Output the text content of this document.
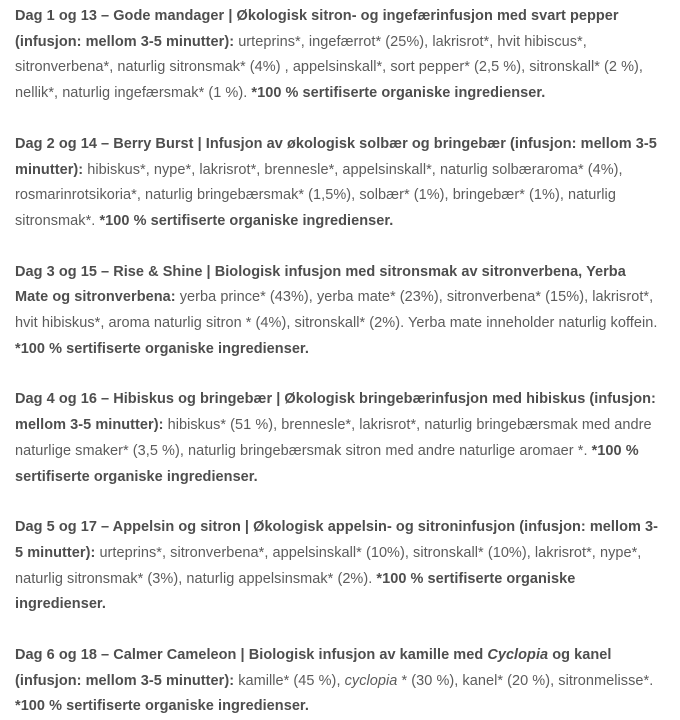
Dag 1 og 13 – Gode mandager | Økologisk sitron- og ingefærinfusjon med svart pepper (infusjon: mellom 3-5 minutter): urteprins*, ingefærrot* (25%), lakrisrot*, hvit hibiscus*, sitronverbena*, naturlig sitronsmak* (4%) , appelsinskall*, sort pepper* (2,5 %), sitronskall* (2 %), nellik*, naturlig ingefærsmak* (1 %). *100 % sertifiserte organiske ingredienser.

Dag 2 og 14 – Berry Burst | Infusjon av økologisk solbær og bringebær (infusjon: mellom 3-5 minutter): hibiskus*, nype*, lakrisrot*, brennesle*, appelsinskall*, naturlig solbæraroma* (4%), rosmarinrotsikoria*, naturlig bringebærsmak* (1,5%), solbær* (1%), bringebær* (1%), naturlig sitronsmak*. *100 % sertifiserte organiske ingredienser.

Dag 3 og 15 – Rise & Shine | Biologisk infusjon med sitronsmak av sitronverbena, Yerba Mate og sitronverbena: yerba prince* (43%), yerba mate* (23%), sitronverbena* (15%), lakrisrot*, hvit hibiskus*, aroma naturlig sitron * (4%), sitronskall* (2%). Yerba mate inneholder naturlig koffein. *100 % sertifiserte organiske ingredienser.

Dag 4 og 16 – Hibiskus og bringebær | Økologisk bringebærinfusjon med hibiskus (infusjon: mellom 3-5 minutter): hibiskus* (51 %), brennesle*, lakrisrot*, naturlig bringebærsmak med andre naturlige smaker* (3,5 %), naturlig bringebærsmak sitron med andre naturlige aromaer *. *100 % sertifiserte organiske ingredienser.

Dag 5 og 17 – Appelsin og sitron | Økologisk appelsin- og sitroninfusjon (infusjon: mellom 3-5 minutter): urteprins*, sitronverbena*, appelsinskall* (10%), sitronskall* (10%), lakrisrot*, nype*, naturlig sitronsmak* (3%), naturlig appelsinsmak* (2%). *100 % sertifiserte organiske ingredienser.

Dag 6 og 18 – Calmer Cameleon | Biologisk infusjon av kamille med Cyclopia og kanel (infusjon: mellom 3-5 minutter): kamille* (45 %), cyclopia * (30 %), kanel* (20 %), sitronmelisse*. *100 % sertifiserte organiske ingredienser.
